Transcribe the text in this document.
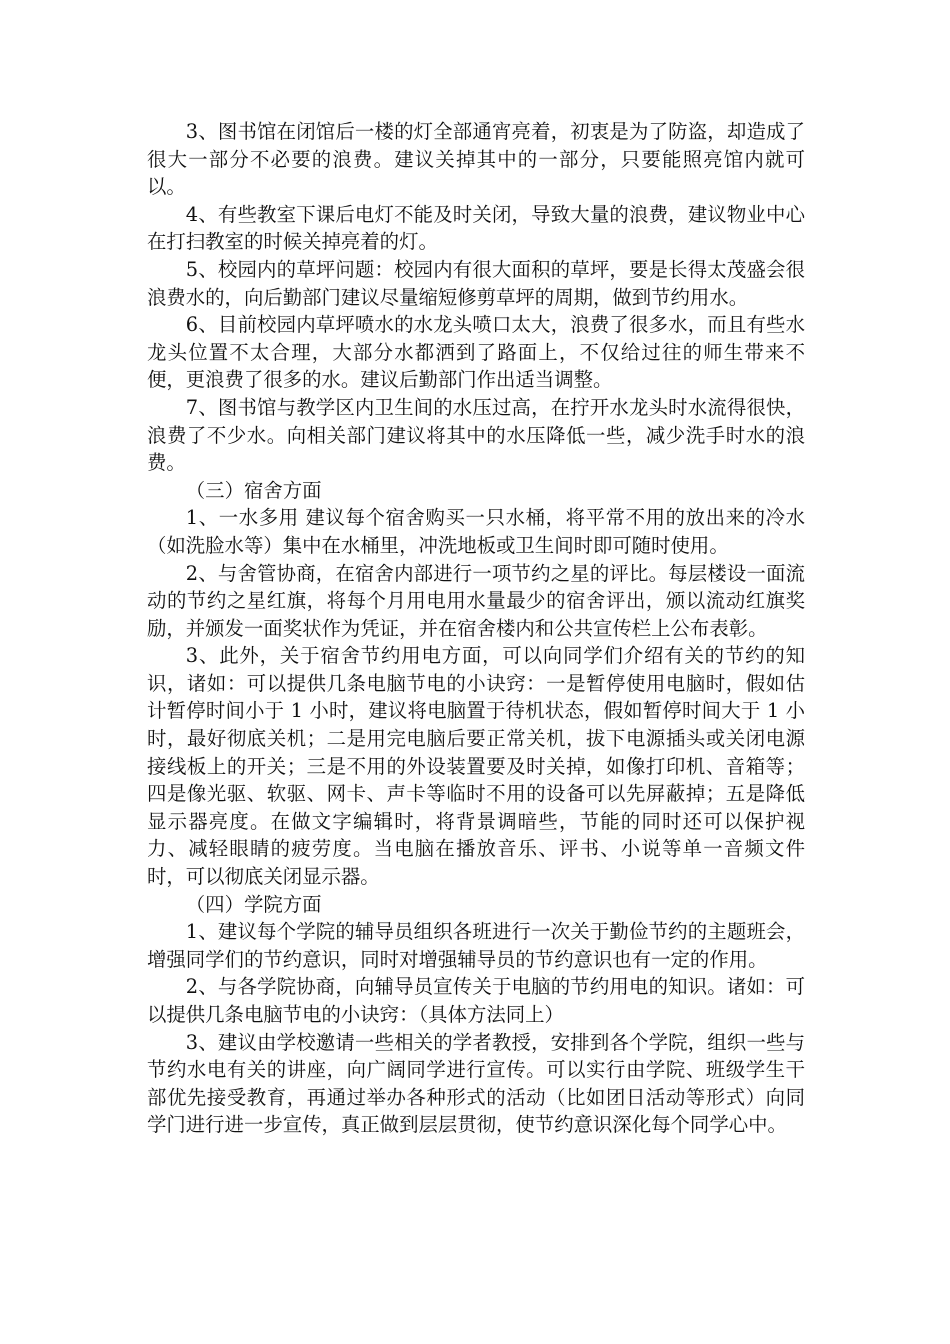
3、图书馆在闭馆后一楼的灯全部通宵亮着，初衷是为了防盗，却造成了很大一部分不必要的浪费。建议关掉其中的一部分，只要能照亮馆内就可以。

4、有些教室下课后电灯不能及时关闭，导致大量的浪费，建议物业中心在打扫教室的时候关掉亮着的灯。

5、校园内的草坪问题：校园内有很大面积的草坪，要是长得太茂盛会很浪费水的，向后勤部门建议尽量缩短修剪草坪的周期，做到节约用水。

6、目前校园内草坪喷水的水龙头喷口太大，浪费了很多水，而且有些水龙头位置不太合理，大部分水都洒到了路面上，不仅给过往的师生带来不便，更浪费了很多的水。建议后勤部门作出适当调整。

7、图书馆与教学区内卫生间的水压过高，在拧开水龙头时水流得很快，浪费了不少水。向相关部门建议将其中的水压降低一些，减少洗手时水的浪费。

（三）宿舍方面

1、一水多用 建议每个宿舍购买一只水桶，将平常不用的放出来的冷水（如洗脸水等）集中在水桶里，冲洗地板或卫生间时即可随时使用。

2、与舍管协商，在宿舍内部进行一项节约之星的评比。每层楼设一面流动的节约之星红旗，将每个月用电用水量最少的宿舍评出，颁以流动红旗奖励，并颁发一面奖状作为凭证，并在宿舍楼内和公共宣传栏上公布表彰。

3、此外，关于宿舍节约用电方面，可以向同学们介绍有关的节约的知识，诸如：可以提供几条电脑节电的小诀窍：一是暂停使用电脑时，假如估计暂停时间小于 1 小时，建议将电脑置于待机状态，假如暂停时间大于 1 小时，最好彻底关机；二是用完电脑后要正常关机，拔下电源插头或关闭电源接线板上的开关；三是不用的外设装置要及时关掉，如像打印机、音箱等；四是像光驱、软驱、网卡、声卡等临时不用的设备可以先屏蔽掉；五是降低显示器亮度。在做文字编辑时，将背景调暗些，节能的同时还可以保护视力、减轻眼睛的疲劳度。当电脑在播放音乐、评书、小说等单一音频文件时，可以彻底关闭显示器。

（四）学院方面

1、建议每个学院的辅导员组织各班进行一次关于勤俭节约的主题班会，增强同学们的节约意识，同时对增强辅导员的节约意识也有一定的作用。

2、与各学院协商，向辅导员宣传关于电脑的节约用电的知识。诸如：可以提供几条电脑节电的小诀窍：（具体方法同上）

3、建议由学校邀请一些相关的学者教授，安排到各个学院，组织一些与节约水电有关的讲座，向广阔同学进行宣传。可以实行由学院、班级学生干部优先接受教育，再通过举办各种形式的活动（比如团日活动等形式）向同学门进行进一步宣传，真正做到层层贯彻，使节约意识深化每个同学心中。
